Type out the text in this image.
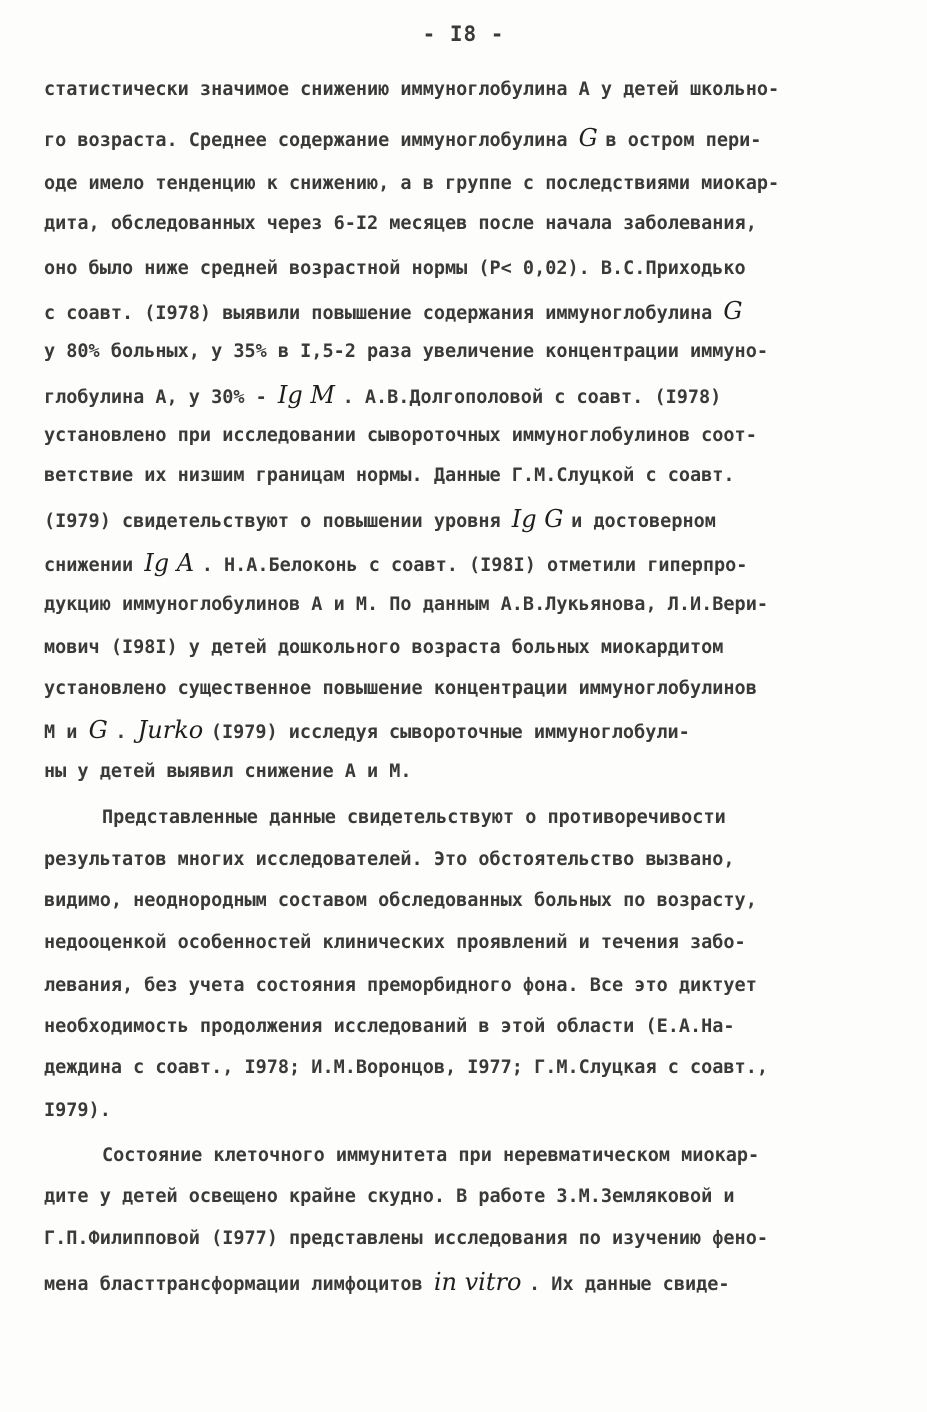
- I8 -
статистически значимое снижению иммуноглобулина А у детей школьно-
го возраста. Среднее содержание иммуноглобулина G в остром пери-
оде имело тенденцию к снижению, а в группе с последствиями миокар-
дита, обследованных через 6-I2 месяцев после начала заболевания,
оно было ниже средней возрастной нормы (P< 0,02). В.С.Приходько
с соавт. (I978) выявили повышение содержания иммуноглобулина G
у 80% больных, у 35% в I,5-2 раза увеличение концентрации иммуно-
глобулина А, у 30% - Ig M . А.В.Долгополовой с соавт. (I978)
установлено при исследовании сывороточных иммуноглобулинов соот-
ветствие их низшим границам нормы. Данные Г.М.Слуцкой с соавт.
(I979) свидетельствуют о повышении уровня Ig G и достоверном
снижении Ig A . Н.А.Белоконь с соавт. (I98I) отметили гиперпро-
дукцию иммуноглобулинов А и М. По данным А.В.Лукьянова, Л.И.Вери-
мович (I98I) у детей дошкольного возраста больных миокардитом
установлено существенное повышение концентрации иммуноглобулинов
М и G . Jurko (I979) исследуя сывороточные иммуноглобули-
ны у детей выявил снижение А и М.
Представленные данные свидетельствуют о противоречивости
результатов многих исследователей. Это обстоятельство вызвано,
видимо, неоднородным составом обследованных больных по возрасту,
недооценкой особенностей клинических проявлений и течения забо-
левания, без учета состояния преморбидного фона. Все это диктует
необходимость продолжения исследований в этой области (Е.А.На-
деждина с соавт., I978; И.М.Воронцов, I977; Г.М.Слуцкая с соавт.,
I979).
Состояние клеточного иммунитета при неревматическом миокар-
дите у детей освещено крайне скудно. В работе З.М.Земляковой и
Г.П.Филипповой (I977) представлены исследования по изучению фено-
мена бласттрансформации лимфоцитов in vitro . Их данные свиде-
